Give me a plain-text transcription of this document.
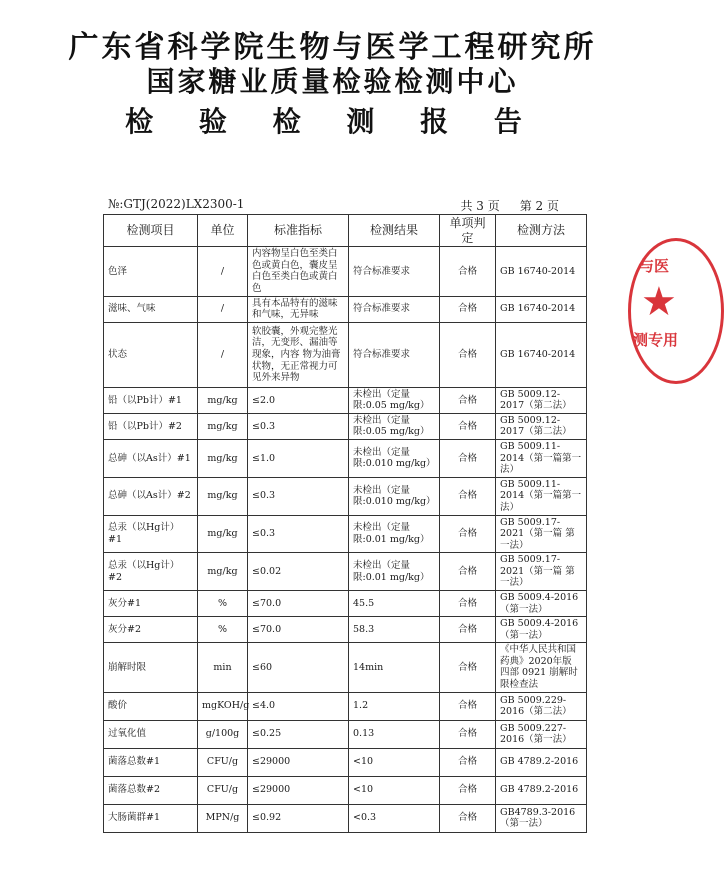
广东省科学院生物与医学工程研究所
国家糖业质量检验检测中心
检 验 检 测 报 告
№:GTJ(2022)LX2300-1	共 3 页 第 2 页
检测项目	单位	标准指标	检测结果	单项判定	检测方法
色泽	/	内容物呈白色至类白色或黄白色，囊皮呈白色至类白色或黄白色	符合标准要求	合格	GB 16740-2014
滋味、气味	/	具有本品特有的滋味和气味，无异味	符合标准要求	合格	GB 16740-2014
状态	/	软胶囊，外观完整光洁，无变形、漏油等现象，内容 物为油膏状物，无正常视力可见外来异物	符合标准要求	合格	GB 16740-2014
铅（以Pb计）#1	mg/kg	≤2.0	未检出（定量限:0.05 mg/kg）	合格	GB 5009.12-2017（第二法）
铅（以Pb计）#2	mg/kg	≤0.3	未检出（定量限:0.05 mg/kg）	合格	GB 5009.12-2017（第二法）
总砷（以As计）#1	mg/kg	≤1.0	未检出（定量限:0.010 mg/kg）	合格	GB 5009.11-2014（第一篇第一法）
总砷（以As计）#2	mg/kg	≤0.3	未检出（定量限:0.010 mg/kg）	合格	GB 5009.11-2014（第一篇第一法）
总汞（以Hg计）#1	mg/kg	≤0.3	未检出（定量限:0.01 mg/kg）	合格	GB 5009.17-2021（第一篇 第一法）
总汞（以Hg计）#2	mg/kg	≤0.02	未检出（定量限:0.01 mg/kg）	合格	GB 5009.17-2021（第一篇 第一法）
灰分#1	%	≤70.0	45.5	合格	GB 5009.4-2016（第一法）
灰分#2	%	≤70.0	58.3	合格	GB 5009.4-2016（第一法）
崩解时限	min	≤60	14min	合格	《中华人民共和国药典》2020年版 四部 0921 崩解时限检查法
酸价	mgKOH/g	≤4.0	1.2	合格	GB 5009.229-2016（第二法）
过氧化值	g/100g	≤0.25	0.13	合格	GB 5009.227-2016（第一法）
菌落总数#1	CFU/g	≤29000	<10	合格	GB 4789.2-2016
菌落总数#2	CFU/g	≤29000	<10	合格	GB 4789.2-2016
大肠菌群#1	MPN/g	≤0.92	<0.3	合格	GB4789.3-2016（第一法）
与医
★
测专用
